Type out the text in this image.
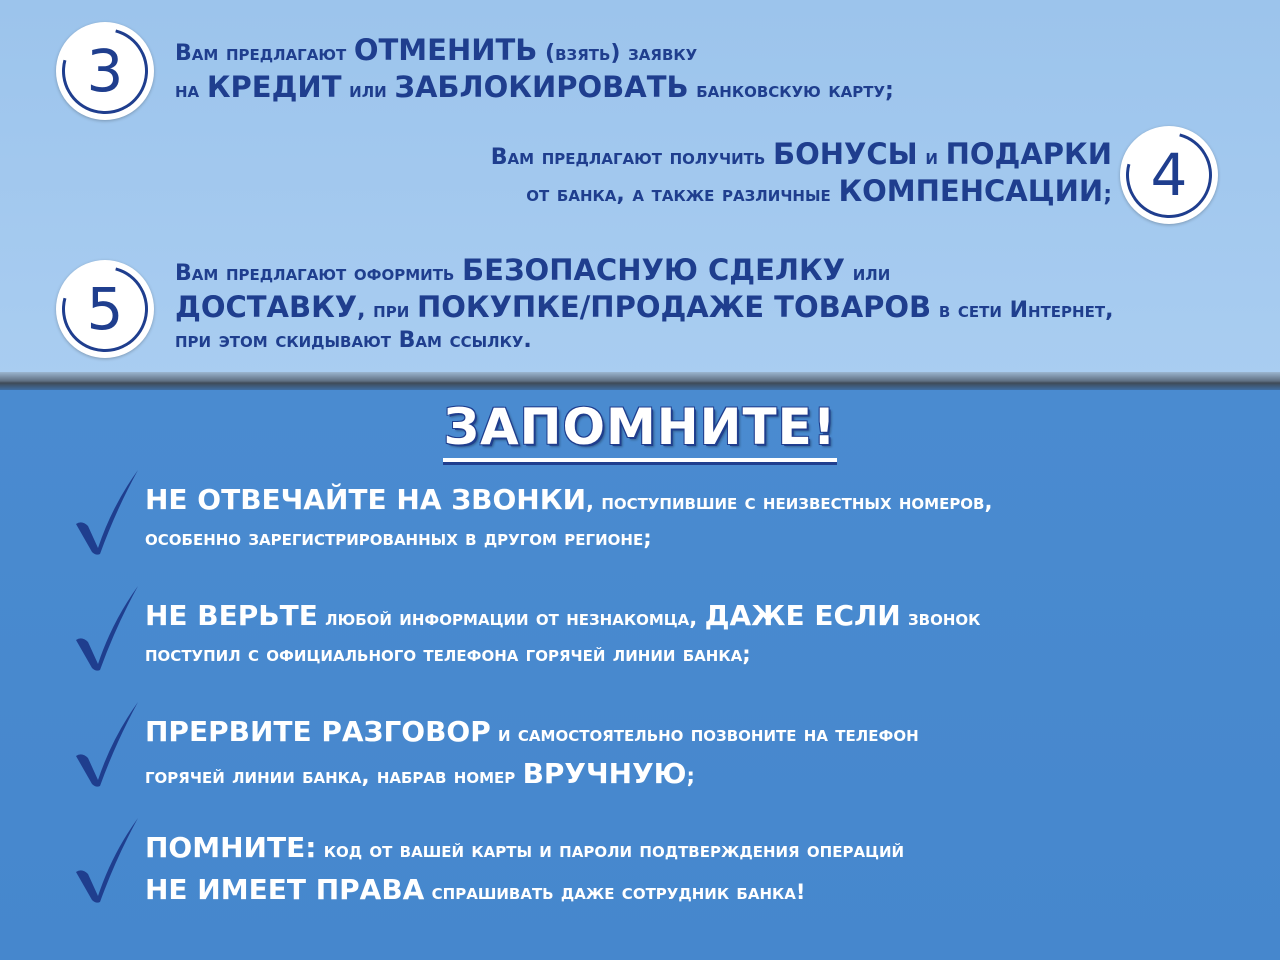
3	Вам предлагают ОТМЕНИТЬ (взять) заявку
на КРЕДИТ или ЗАБЛОКИРОВАТЬ банковскую карту;
4
Вам предлагают получить БОНУСЫ и ПОДАРКИ
от банка, а также различные КОМПЕНСАЦИИ;
5
Вам предлагают оформить БЕЗОПАСНУЮ СДЕЛКУ или
ДОСТАВКУ, при ПОКУПКЕ/ПРОДАЖЕ ТОВАРОВ в сети Интернет,
при этом скидывают Вам ссылку.
ЗАПОМНИТЕ!
НЕ ОТВЕЧАЙТЕ НА ЗВОНКИ, поступившие с неизвестных номеров,
особенно зарегистрированных в другом регионе;
НЕ ВЕРЬТЕ любой информации от незнакомца, ДАЖЕ ЕСЛИ звонок
поступил с официального телефона горячей линии банка;
ПРЕРВИТЕ РАЗГОВОР и самостоятельно позвоните на телефон
горячей линии банка, набрав номер ВРУЧНУЮ;
ПОМНИТЕ: код от вашей карты и пароли подтверждения операций
НЕ ИМЕЕТ ПРАВА спрашивать даже сотрудник банка!
